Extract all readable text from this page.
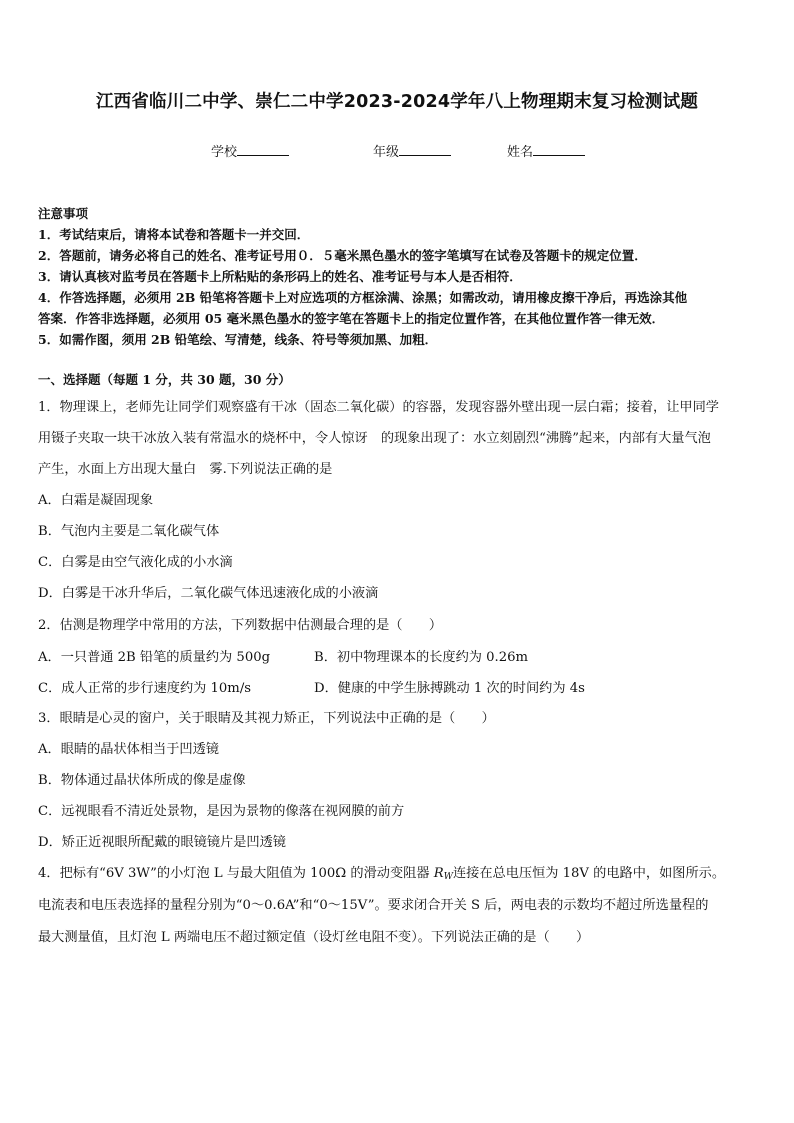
江西省临川二中学、崇仁二中学2023-2024学年八上物理期末复习检测试题
学校	年级	姓名
注意事项
1．考试结束后，请将本试卷和答题卡一并交回．
2．答题前，请务必将自己的姓名、准考证号用０．５毫米黑色墨水的签字笔填写在试卷及答题卡的规定位置．
3．请认真核对监考员在答题卡上所粘贴的条形码上的姓名、准考证号与本人是否相符．
4．作答选择题，必须用 2B 铅笔将答题卡上对应选项的方框涂满、涂黑；如需改动，请用橡皮擦干净后，再选涂其他
答案．作答非选择题，必须用 05 毫米黑色墨水的签字笔在答题卡上的指定位置作答，在其他位置作答一律无效．
5．如需作图，须用 2B 铅笔绘、写清楚，线条、符号等须加黑、加粗．
一、选择题（每题 1 分，共 30 题，30 分）
1．物理课上，老师先让同学们观察盛有干冰（固态二氧化碳）的容器，发现容器外壁出现一层白霜；接着，让甲同学
用镊子夹取一块干冰放入装有常温水的烧杯中，令人惊讶　的现象出现了：水立刻剧烈“沸腾”起来，内部有大量气泡
产生，水面上方出现大量白　雾.下列说法正确的是
A．白霜是凝固现象
B．气泡内主要是二氧化碳气体
C．白雾是由空气液化成的小水滴
D．白雾是干冰升华后，二氧化碳气体迅速液化成的小液滴
2．估测是物理学中常用的方法，下列数据中估测最合理的是（　　）
A．一只普通 2B 铅笔的质量约为 500g	B．初中物理课本的长度约为 0.26m
C．成人正常的步行速度约为 10m/s	D．健康的中学生脉搏跳动 1 次的时间约为 4s
3．眼睛是心灵的窗户，关于眼睛及其视力矫正，下列说法中正确的是（　　）
A．眼睛的晶状体相当于凹透镜
B．物体通过晶状体所成的像是虚像
C．远视眼看不清近处景物，是因为景物的像落在视网膜的前方
D．矫正近视眼所配戴的眼镜镜片是凹透镜
4．把标有“6V 3W”的小灯泡 L 与最大阻值为 100Ω 的滑动变阻器 $R_W$连接在总电压恒为 18V 的电路中，如图所示。
电流表和电压表选择的量程分别为“0～0.6A”和“0～15V”。要求闭合开关 S 后，两电表的示数均不超过所选量程的
最大测量值，且灯泡 L 两端电压不超过额定值（设灯丝电阻不变）。下列说法正确的是（　　）
